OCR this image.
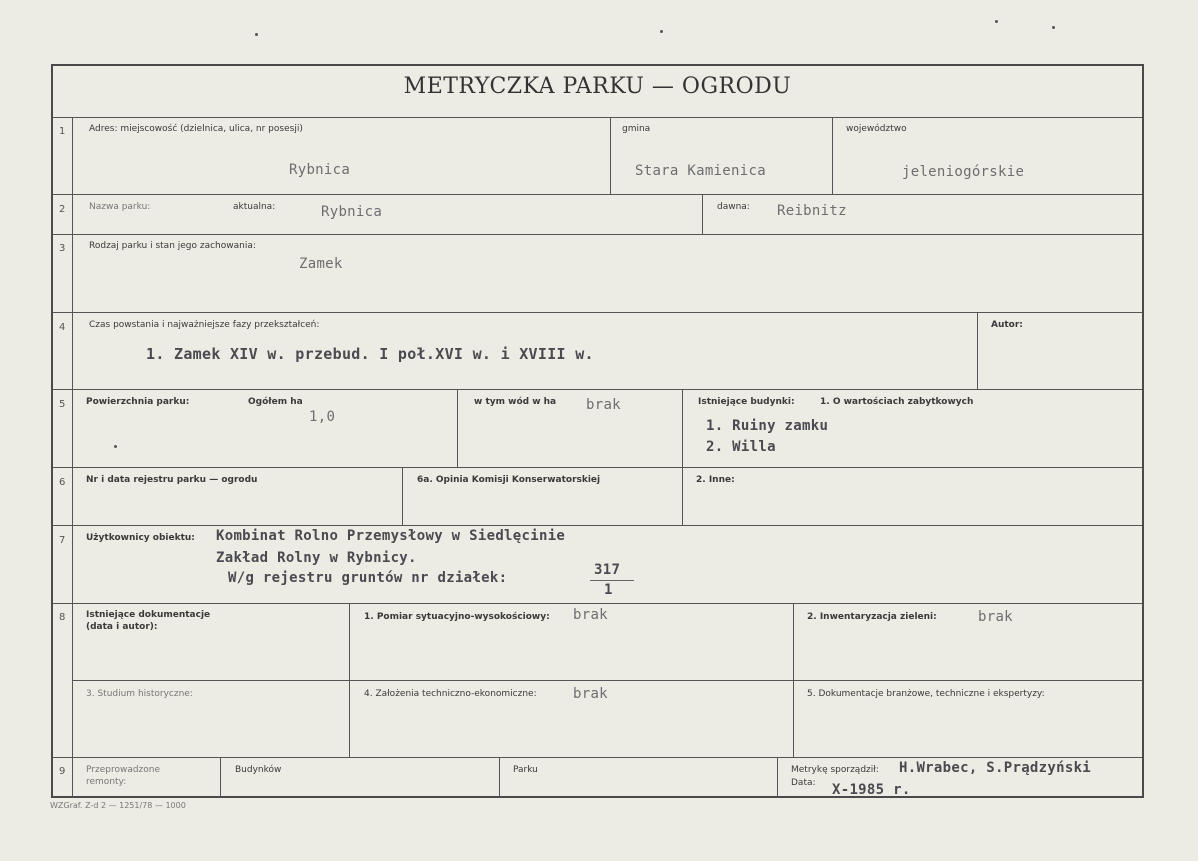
METRYCZKA PARKU — OGRODU
1	Adres: miejscowość (dzielnica, ulica, nr posesji)
Rybnica
gmina
Stara Kamienica
województwo
jeleniogórskie
2	Nazwa parku:	aktualna:	Rybnica	dawna: Reibnitz
3	Rodzaj parku i stan jego zachowania:
Zamek
4	Czas powstania i najważniejsze fazy przekształceń:
1. Zamek XIV w. przebud. I poł.XVI w. i XVIII w.
Autor:
5 Powierzchnia parku:	Ogółem ha
1,0
w tym wód w ha brak	Istniejące budynki:	1. O wartościach zabytkowych
1. Ruiny zamku
2. Willa
6 Nr i data rejestru parku — ogrodu	6a. Opinia Komisji Konserwatorskiej	2. Inne:
7 Użytkownicy obiektu: Kombinat Rolno Przemysłowy w Siedlęcinie
Zakład Rolny w Rybnicy.
W/g rejestru gruntów nr działek:	317
1
8 Istniejące dokumentacje
(data i autor):
1. Pomiar sytuacyjno-wysokościowy: brak	2. Inwentaryzacja zieleni:	brak
3. Studium historyczne:	4. Założenia techniczno-ekonomiczne:	brak	5. Dokumentacje branżowe, techniczne i ekspertyzy:
9 Przeprowadzone
remonty:
Budynków	Parku	Metrykę sporządził: H.Wrabec, S.Prądzyński
Data: X-1985 r.
WZGraf. Z-d 2 — 1251/78 — 1000
